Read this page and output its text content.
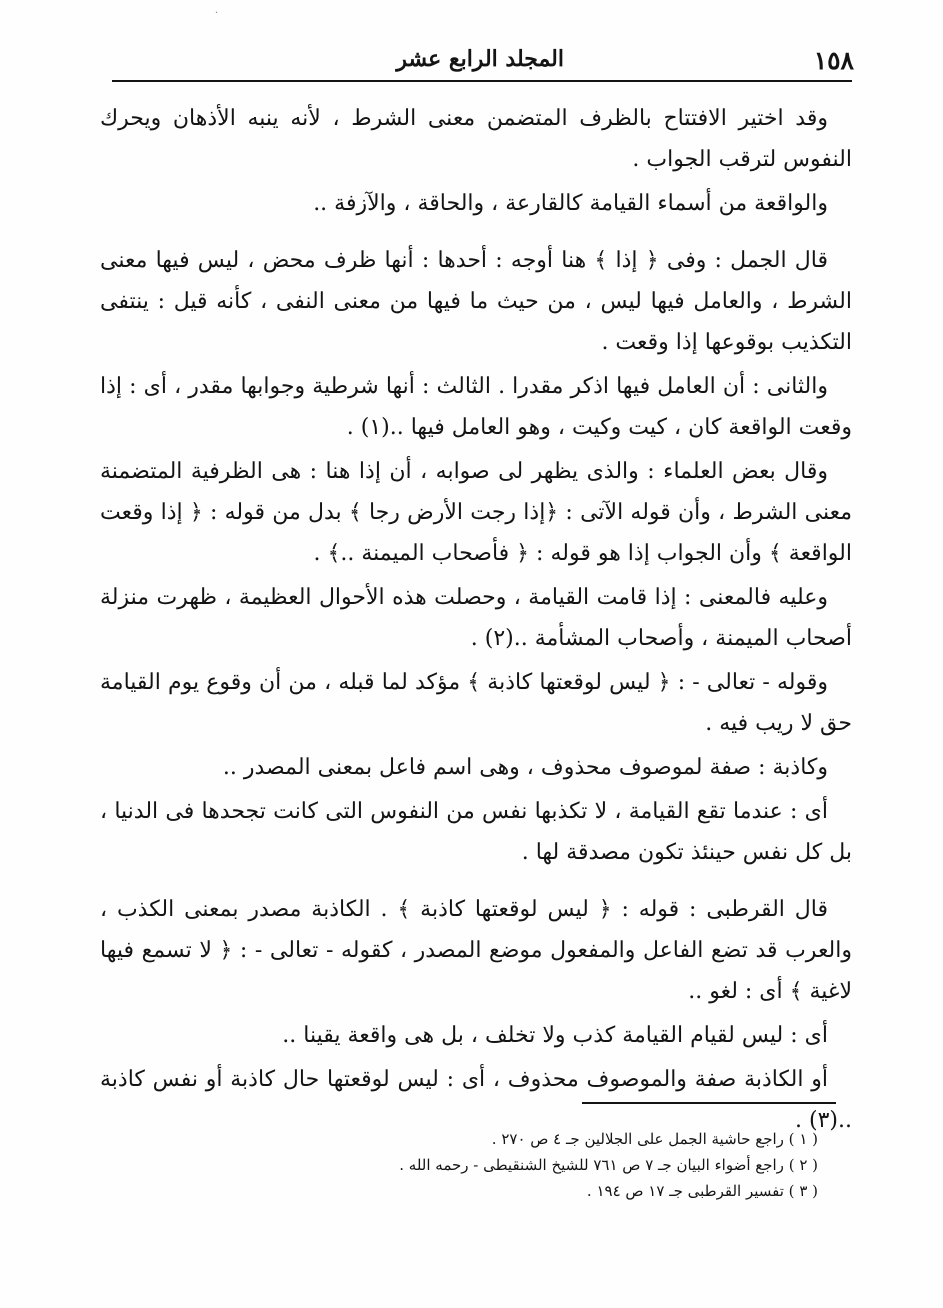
·
١٥٨
المجلد الرابع عشر

وقد اختير الافتتاح بالظرف المتضمن معنى الشرط ، لأنه ينبه الأذهان ويحرك النفوس لترقب الجواب .

والواقعة من أسماء القيامة كالقارعة ، والحاقة ، والآزفة ..

قال الجمل : وفى ﴿ إذا ﴾ هنا أوجه : أحدها : أنها ظرف محض ، ليس فيها معنى الشرط ، والعامل فيها ليس ، من حيث ما فيها من معنى النفى ، كأنه قيل : ينتفى التكذيب بوقوعها إذا وقعت .

والثانى : أن العامل فيها اذكر مقدرا . الثالث : أنها شرطية وجوابها مقدر ، أى : إذا وقعت الواقعة كان ، كيت وكيت ، وهو العامل فيها ..(١) .

وقال بعض العلماء : والذى يظهر لى صوابه ، أن إذا هنا : هى الظرفية المتضمنة معنى الشرط ، وأن قوله الآتى : ﴿إذا رجت الأرض رجا ﴾ بدل من قوله : ﴿ إذا وقعت الواقعة ﴾ وأن الجواب إذا هو قوله : ﴿ فأصحاب الميمنة ..﴾ .

وعليه فالمعنى : إذا قامت القيامة ، وحصلت هذه الأحوال العظيمة ، ظهرت منزلة أصحاب الميمنة ، وأصحاب المشأمة ..(٢) .

وقوله - تعالى - : ﴿ ليس لوقعتها كاذبة ﴾ مؤكد لما قبله ، من أن وقوع يوم القيامة حق لا ريب فيه .

وكاذبة : صفة لموصوف محذوف ، وهى اسم فاعل بمعنى المصدر ..

أى : عندما تقع القيامة ، لا تكذبها نفس من النفوس التى كانت تجحدها فى الدنيا ، بل كل نفس حينئذ تكون مصدقة لها .

قال القرطبى : قوله : ﴿ ليس لوقعتها كاذبة ﴾ . الكاذبة مصدر بمعنى الكذب ، والعرب قد تضع الفاعل والمفعول موضع المصدر ، كقوله - تعالى - : ﴿ لا تسمع فيها لاغية ﴾ أى : لغو ..

أى : ليس لقيام القيامة كذب ولا تخلف ، بل هى واقعة يقينا ..

أو الكاذبة صفة والموصوف محذوف ، أى : ليس لوقعتها حال كاذبة أو نفس كاذبة ..(٣) .

( ١ ) راجع حاشية الجمل على الجلالين جـ ٤ ص ٢٧٠ .

( ٢ ) راجع أضواء البيان جـ ٧ ص ٧٦١ للشيخ الشنقيطى - رحمه الله .

( ٣ ) تفسير القرطبى جـ ١٧ ص ١٩٤ .
